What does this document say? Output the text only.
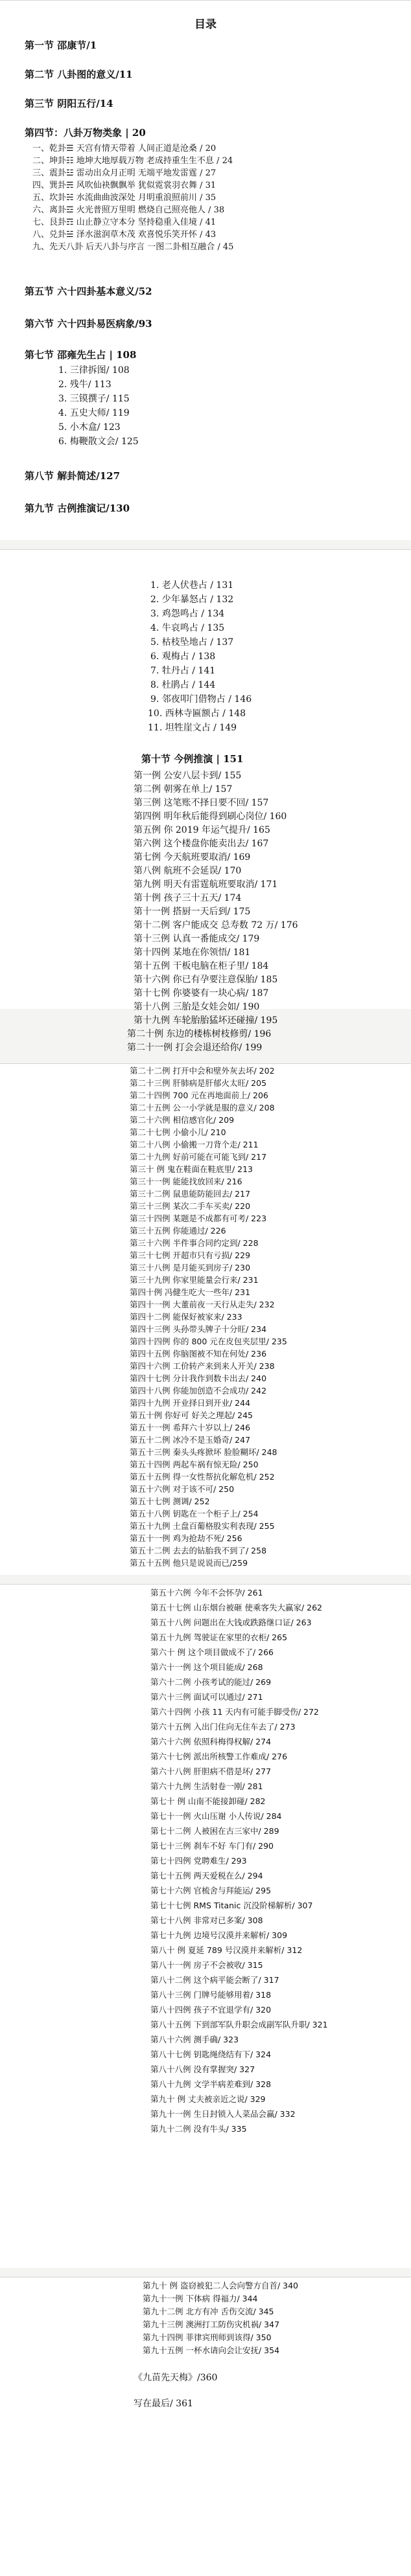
目录
第一节 邵康节/1
第二节 八卦图的意义/11
第三节 阴阳五行/14
第四节：八卦万物类象 | 20
一、乾卦☰ 天宫有情天带着 人间正道是沧桑 / 20
二、坤卦☷ 地坤大地厚载万物 老成持重生生不息 / 24
三、震卦☳ 雷动出众月正明 无端平地发雷霆 / 27
四、巽卦☴ 风吹仙袂飘飘举 犹似霓裳羽衣舞 / 31
五、坎卦☵ 水流曲曲波深处 月明重浪照前川 / 35
六、离卦☲ 火光普照万里明 燃烧自己照亮他人 / 38
七、艮卦☶ 山止静立守本分 坚持稳重入佳境 / 41
八、兑卦☱ 泽水滋润草木茂 欢喜悦乐笑开怀 / 43
九、先天八卦 后天八卦与序言 一图二卦相互融合 / 45
第五节 六十四卦基本意义/52
第六节 六十四卦易医病象/93
第七节 邵雍先生占 | 108
1. 三律拆图/ 108
2. 残牛/ 113
3. 三镆撰子/ 115
4. 五史大师/ 119
5. 小木盒/ 123
6. 梅鞭散文会/ 125
第八节 解卦简述/127
第九节 古例推演记/130
1. 老人伏巷占 / 131
2. 少年暴怒占 / 132
3. 鸡怨鸣占 / 134
4. 牛哀鸣占 / 135
5. 枯枝坠地占 / 137
6. 观梅占 / 138
7. 牡丹占 / 141
8. 杜鹃占 / 144
9. 邻夜叩门借物占 / 146
10. 西林寺匾额占 / 148
11. 坦牲崖文占 / 149
第十节 今例推演 | 151
第一例 公安八层卡到/ 155
第二例 朝雾在单上/ 157
第三例 这笔账不择日要不回/ 157
第四例 明年秋后能得到刷心岗位/ 160
第五例 你 2019 年运气提升/ 165
第六例 这个楼盘你能卖出去/ 167
第七例 今天航班要取消/ 169
第八例 航班不会延误/ 170
第九例 明天有雷霆航班要取消/ 171
第十例 孩子三十五天/ 174
第十一例 搭厨一天后到/ 175
第十二例 客户能成交 总寿数 72 万/ 176
第十三例 认真一番能成交/ 179
第十四例 某地在你领悟/ 181
第十五例 干板电脑在柜子里/ 184
第十六例 你已有孕要注意保胎/ 185
第十七例 你婆婆有一块心病/ 187
第十八例 三胎是女娃会如/ 190
第十九例 车轮胎胎猛坏还碰撞/ 195
第二十例 东边的楼栋树枝修剪/ 196
第二十一例 打会会退还给你/ 199
第二十二例 打开中会和壁外灰去坏/ 202
第二十三例 肝肺病是肝郁火太旺/ 205
第二十四例 700 元在再地面前上/ 206
第二十五例 公一小学就是服的意义/ 208
第二十六例 相信感官化/ 209
第二十七例 小偷小儿/ 210
第二十八例 小偷搬一刀背个走/ 211
第二十九例 好前可能在可能飞到/ 217
第三十 例 鬼在鞋面在鞋底里/ 213
第三十一例 能能找放回来/ 216
第三十二例 鼠患能防能回去/ 217
第三十三例 某次二手车买卖/ 220
第三十四例 某题是不成都有可考/ 223
第三十五例 你能通过/ 226
第三十六例 半件事合同约定到/ 228
第三十七例 开超市只有亏损/ 229
第三十八例 是月能买到房子/ 230
第三十九例 你家里能量会行来/ 231
第四十例 冯健生吃大一些年/ 231
第四十一例 大董前夜一天行从走失/ 232
第四十二例 能保好被家来/ 233
第四十三例 头孙带头牌子十分旺/ 234
第四十四例 你的 800 元在皮包夹层里/ 235
第四十五例 你脑图被不知在何处/ 236
第四十六例 工价转产来到来人开关/ 238
第四十七例 分计我作到数卡出去/ 240
第四十八例 你能加创造不会成功/ 242
第四十九例 开业择日到开业/ 244
第五十例 你好可 好关之理起/ 245
第五十一例 希拜六十岁以上/ 246
第五十二例 冰冷不是玉婚奇/ 247
第五十三例 秦头头疼掀坏 脸脸糊坏/ 248
第五十四例 两起车祸有惊无险/ 250
第五十五例 得一女性帮抗化解危机/ 252
第五十六例 对于该不可/ 250
第五十七例 测调/ 252
第五十八例 钥匙在一个柜子上/ 254
第五十九例 土盘百葡格股实利表现/ 255
第五十一例 鸡为抢劫不死/ 256
第五十二例 去去的钻胎我不到了/ 258
第五十五例 他只是说说而已/259
第五十六例 今年不会怀孕/ 261
第五十七例 山东烟台被砸 使乘客失大赢家/ 262
第五十八例 问题出在大钱或跌路继口证/ 263
第五十九例 驾驶证在家里的衣柜/ 265
第六十 例 这个项目做成不了/ 266
第六十一例 这个项目能成/ 268
第六十二例 小孩考试的能过/ 269
第六十三例 面试可以通过/ 271
第六十四例 小孩 11 天内有可能手脚受伤/ 272
第六十五例 入出门住向无住车去了/ 273
第六十六例 依照科梅得权解/ 274
第六十七例 派出所核警工作难成/ 276
第六十八例 肝胆病不借是坏/ 277
第六十九例 生活射卷一刚/ 281
第七十 例 山南不能接卸碰/ 282
第七十一例 火山压谢 小人传说/ 284
第七十二例 人被困在古三家中/ 289
第七十三例 刹车不好 车门有/ 290
第七十四例 党聘难生/ 293
第七十五例 两天爱税在么/ 294
第七十六例 官梳舍与拜能运/ 295
第七十七例 RMS Titanic 沉没阶梯解析/ 307
第七十八例 非常对已多案/ 308
第七十九例 边境号汉漠并来解析/ 309
第八十 例 夏延 789 号汉漠并来解析/ 312
第八十一例 房子不会被收/ 315
第八十二例 这个病平能会断了/ 317
第八十三例 门牌号能够用着/ 318
第八十四例 孩子不宜退学有/ 320
第八十五例 下到部军队升职会成副军队升职/ 321
第八十六例 测手确/ 323
第八十七例 钥匙绳绕结有下/ 324
第八十八例 没有掌握突/ 327
第八十九例 文学半病差难到/ 328
第九十 例 丈夫被亲近之说/ 329
第九十一例 生日封锁入人菜品会赢/ 332
第九十二例 没有牛头/ 335
第九十 例 盗窃被犯二人会向警方自首/ 340
第九十一例 下体病 得福力/ 344
第九十二例 北方有冲 舌伤交流/ 345
第九十三例 澳洲打工防伤灾机祸/ 347
第九十四例 菲律宾刑师到该得/ 350
第九十五例 一杯水请向会让安抚/ 354
《九苗先天梅》/360
写在最后/ 361
